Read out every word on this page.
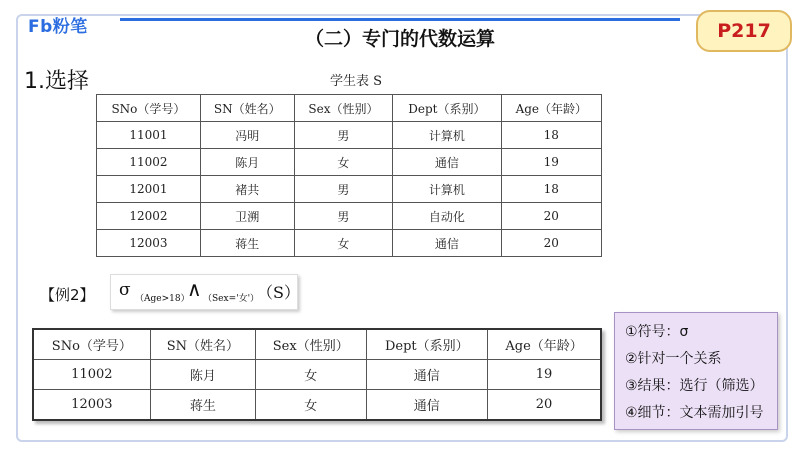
Fb粉笔
（二）专门的代数运算	P217
1.选择	学生表 S
SNo（学号）	SN（姓名）	Sex（性别）	Dept（系别）	Age（年龄）
11001	冯明	男	计算机	18
11002	陈月	女	通信	19
12001	褚共	男	计算机	18
12002	卫溯	男	自动化	20
12003	蒋生	女	通信	20
【例2】 σ （Age>18）
∧ （Sex='女'）
（S）
SNo（学号）	SN（姓名）	Sex（性别）	Dept（系别）	Age（年龄）
11002	陈月	女	通信	19
12003	蒋生	女	通信	20
①符号：σ
②针对一个关系
③结果：选行（筛选）
④细节：文本需加引号
